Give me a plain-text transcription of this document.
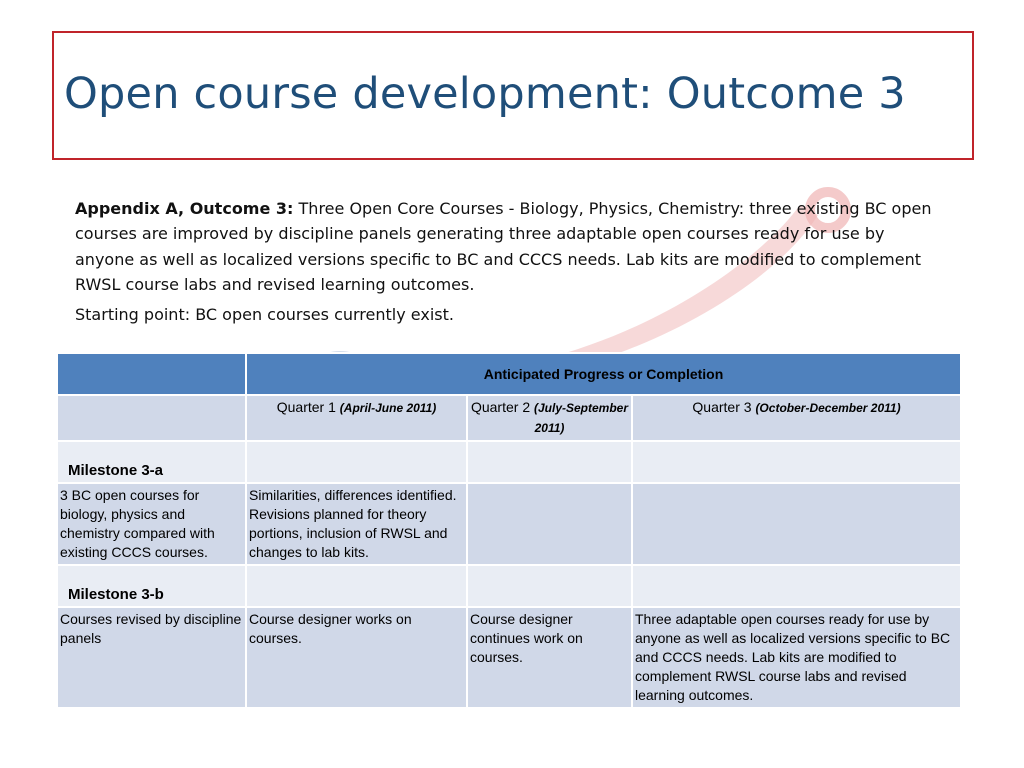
Open course development: Outcome 3
Appendix A, Outcome 3: Three Open Core Courses - Biology, Physics, Chemistry: three existing BC open courses are improved by discipline panels generating three adaptable open courses ready for use by anyone as well as localized versions specific to BC and CCCS needs. Lab kits are modified to complement RWSL course labs and revised learning outcomes.
Starting point: BC open courses currently exist.
	Anticipated Progress or Completion		
	Quarter 1 (April-June 2011)	Quarter 2 (July-September 2011)	Quarter 3 (October-December 2011)
Milestone 3-a			
3 BC open courses for biology, physics and chemistry compared with existing CCCS courses.	Similarities, differences identified. Revisions planned for theory portions, inclusion of RWSL and changes to lab kits.		
Milestone 3-b			
Courses revised by discipline panels	Course designer works on courses.	Course designer continues work on courses.	Three adaptable open courses ready for use by anyone as well as localized versions specific to BC and CCCS needs. Lab kits are modified to complement RWSL course labs and revised learning outcomes.
